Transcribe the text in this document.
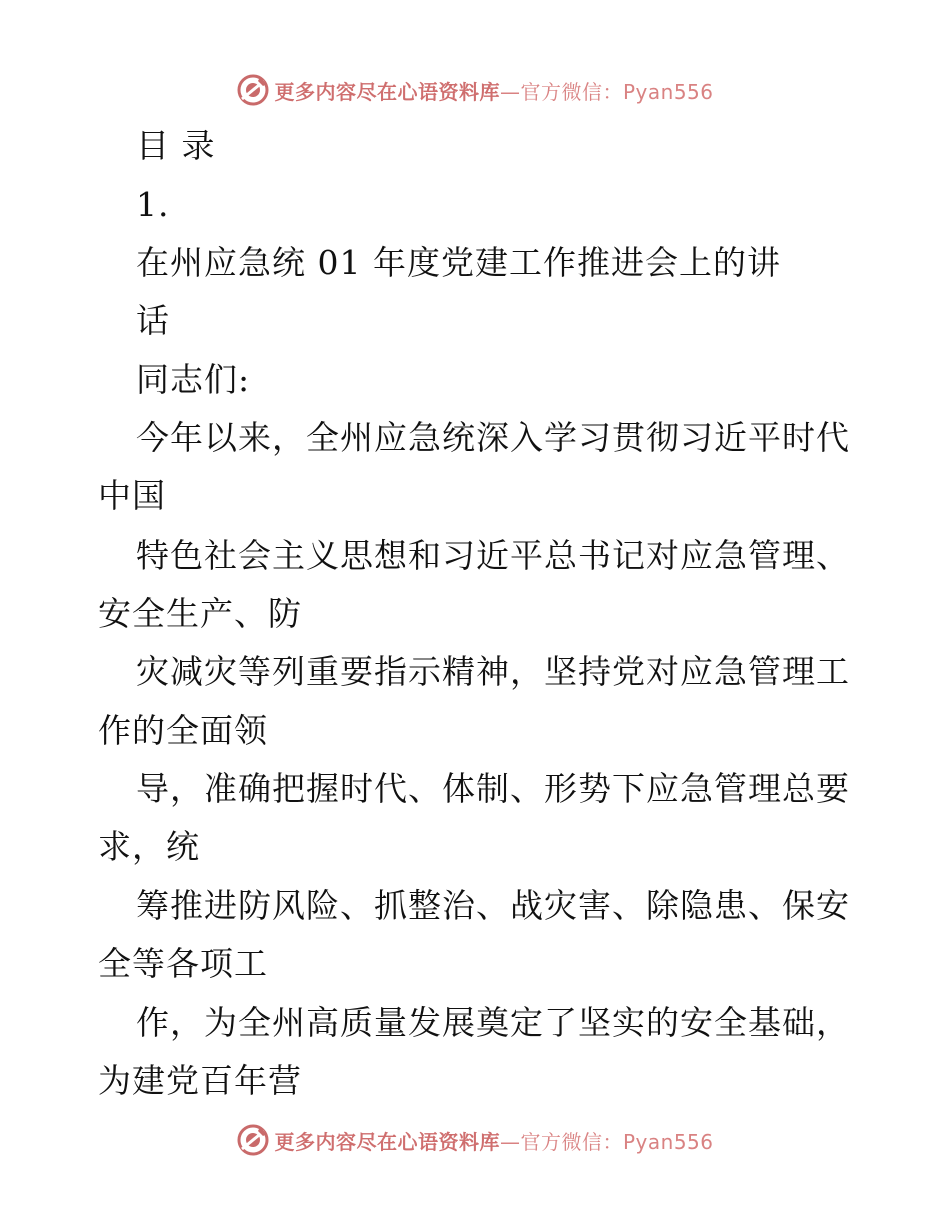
更多内容尽在心语资料库—官方微信：Pyan556
目 录
1.
在州应急统 01 年度党建工作推进会上的讲
话
同志们:
今年以来，全州应急统深入学习贯彻习近平时代
中国
特色社会主义思想和习近平总书记对应急管理、
安全生产、防
灾减灾等列重要指示精神，坚持党对应急管理工
作的全面领
导，准确把握时代、体制、形势下应急管理总要
求，统
筹推进防风险、抓整治、战灾害、除隐患、保安
全等各项工
作，为全州高质量发展奠定了坚实的安全基础，
为建党百年营
更多内容尽在心语资料库—官方微信：Pyan556
